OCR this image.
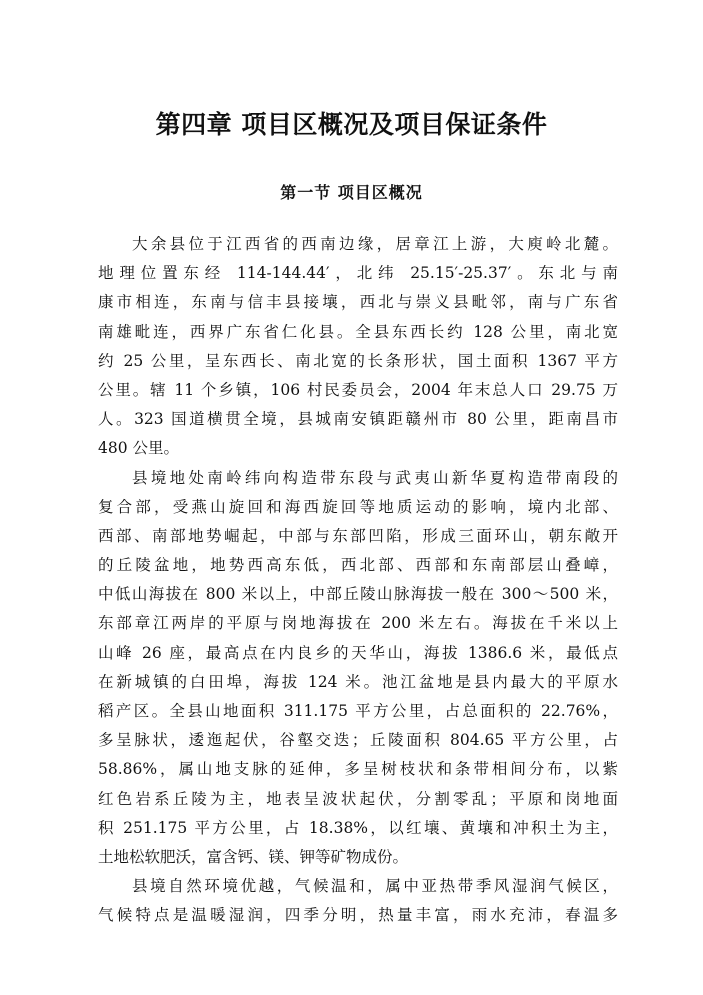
第四章 项目区概况及项目保证条件
第一节 项目区概况
大余县位于江西省的西南边缘，居章江上游，大庾岭北麓。
地理位置东经 114-144.44′，北纬 25.15′-25.37′。东北与南
康市相连，东南与信丰县接壤，西北与崇义县毗邻，南与广东省
南雄毗连，西界广东省仁化县。全县东西长约 128 公里，南北宽
约 25 公里，呈东西长、南北宽的长条形状，国土面积 1367 平方
公里。辖 11 个乡镇，106 村民委员会，2004 年末总人口 29.75 万
人。323 国道横贯全境，县城南安镇距赣州市 80 公里，距南昌市
480 公里。
县境地处南岭纬向构造带东段与武夷山新华夏构造带南段的
复合部，受燕山旋回和海西旋回等地质运动的影响，境内北部、
西部、南部地势崛起，中部与东部凹陷，形成三面环山，朝东敞开
的丘陵盆地，地势西高东低，西北部、西部和东南部层山叠嶂，
中低山海拔在 800 米以上，中部丘陵山脉海拔一般在 300～500 米，
东部章江两岸的平原与岗地海拔在 200 米左右。海拔在千米以上
山峰 26 座，最高点在内良乡的天华山，海拔 1386.6 米，最低点
在新城镇的白田埠，海拔 124 米。池江盆地是县内最大的平原水
稻产区。全县山地面积 311.175 平方公里，占总面积的 22.76%，
多呈脉状，逶迤起伏，谷壑交迭；丘陵面积 804.65 平方公里，占
58.86%，属山地支脉的延伸，多呈树枝状和条带相间分布，以紫
红色岩系丘陵为主，地表呈波状起伏，分割零乱；平原和岗地面
积 251.175 平方公里，占 18.38%，以红壤、黄壤和冲积土为主，
土地松软肥沃，富含钙、镁、钾等矿物成份。
县境自然环境优越，气候温和，属中亚热带季风湿润气候区，
气候特点是温暖湿润，四季分明，热量丰富，雨水充沛，春温多
